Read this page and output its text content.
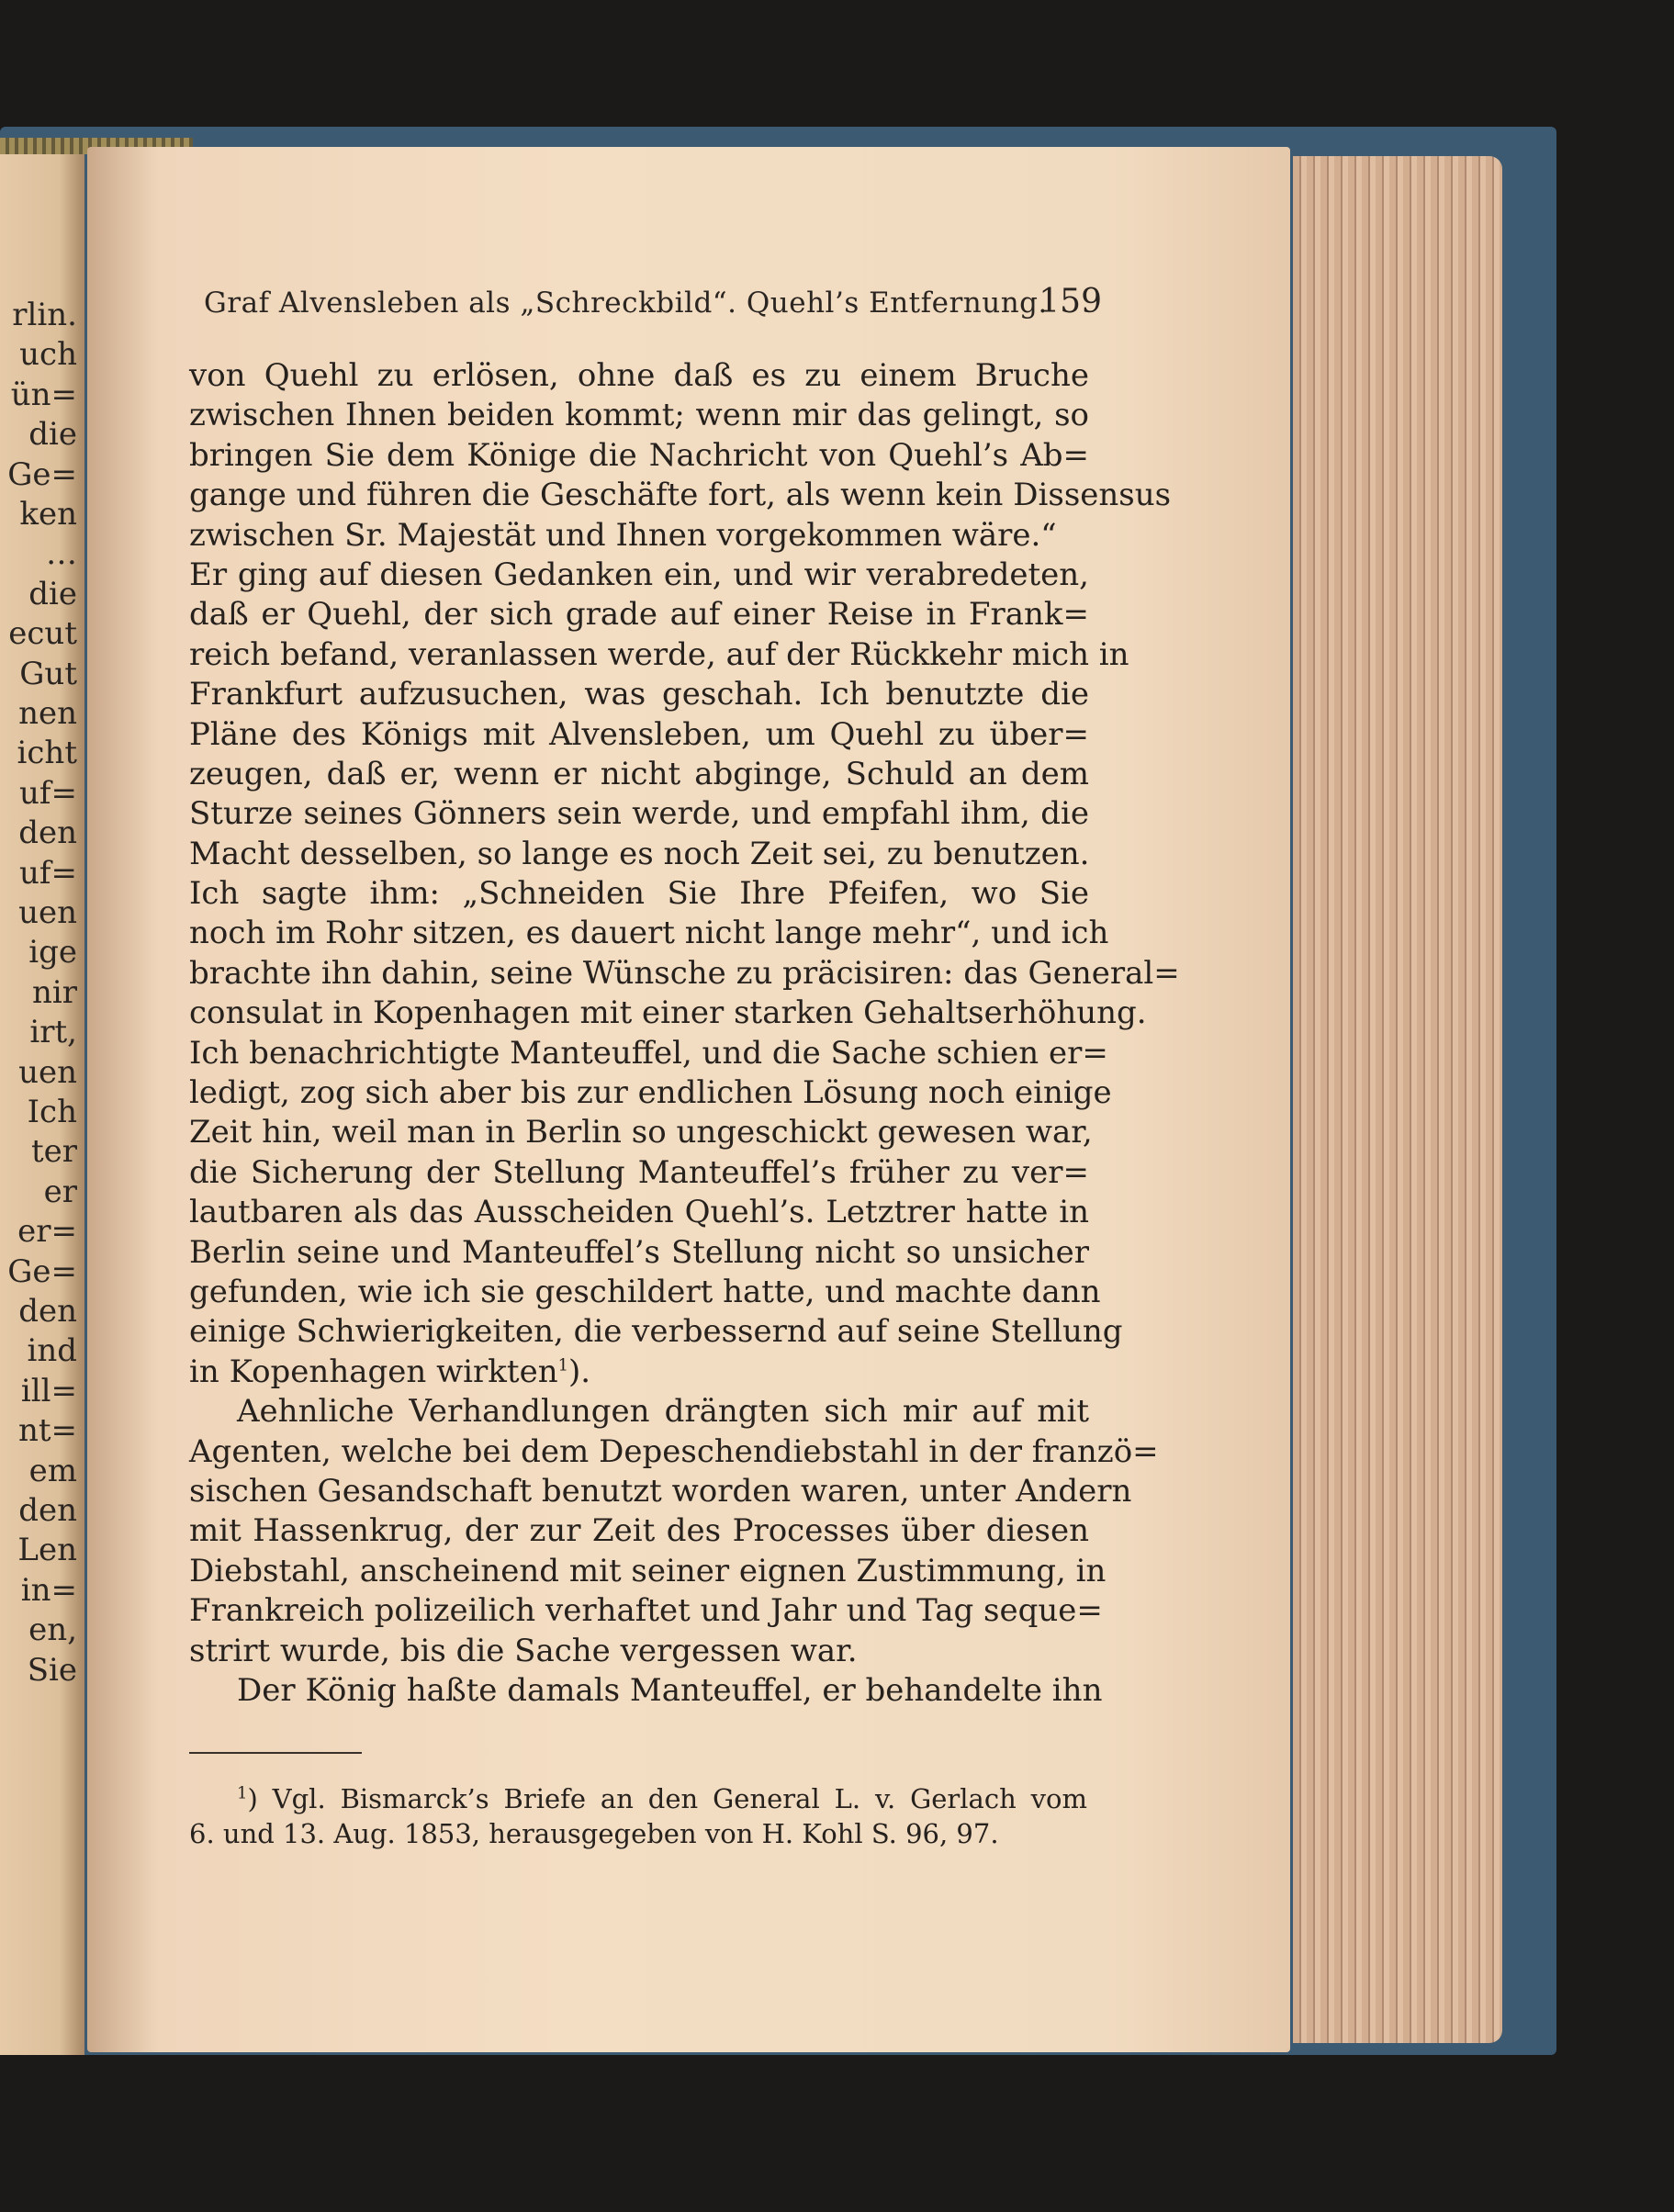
rlin.
uch
ün=
die
Ge=
ken
…
die
ecut
Gut
nen
icht
uf=
den
uf=
uen
ige
nir
irt,
uen
Ich
ter
er
er=
Ge=
den
ind
ill=
nt=
em
den
Len
in=
en,
Sie
Graf Alvensleben als „Schreckbild“. Quehl’s Entfernung.
159
von Quehl zu erlösen, ohne daß es zu einem Bruche
zwischen Ihnen beiden kommt; wenn mir das gelingt, so
bringen Sie dem Könige die Nachricht von Quehl’s Ab=
gange und führen die Geschäfte fort, als wenn kein Dissensus
zwischen Sr. Majestät und Ihnen vorgekommen wäre.“
Er ging auf diesen Gedanken ein, und wir verabredeten,
daß er Quehl, der sich grade auf einer Reise in Frank=
reich befand, veranlassen werde, auf der Rückkehr mich in
Frankfurt aufzusuchen, was geschah. Ich benutzte die
Pläne des Königs mit Alvensleben, um Quehl zu über=
zeugen, daß er, wenn er nicht abginge, Schuld an dem
Sturze seines Gönners sein werde, und empfahl ihm, die
Macht desselben, so lange es noch Zeit sei, zu benutzen.
Ich sagte ihm: „Schneiden Sie Ihre Pfeifen, wo Sie
noch im Rohr sitzen, es dauert nicht lange mehr“, und ich
brachte ihn dahin, seine Wünsche zu präcisiren: das General=
consulat in Kopenhagen mit einer starken Gehaltserhöhung.
Ich benachrichtigte Manteuffel, und die Sache schien er=
ledigt, zog sich aber bis zur endlichen Lösung noch einige
Zeit hin, weil man in Berlin so ungeschickt gewesen war,
die Sicherung der Stellung Manteuffel’s früher zu ver=
lautbaren als das Ausscheiden Quehl’s. Letztrer hatte in
Berlin seine und Manteuffel’s Stellung nicht so unsicher
gefunden, wie ich sie geschildert hatte, und machte dann
einige Schwierigkeiten, die verbessernd auf seine Stellung
in Kopenhagen wirkten$^1$).
Aehnliche Verhandlungen drängten sich mir auf mit
Agenten, welche bei dem Depeschendiebstahl in der franzö=
sischen Gesandschaft benutzt worden waren, unter Andern
mit Hassenkrug, der zur Zeit des Processes über diesen
Diebstahl, anscheinend mit seiner eignen Zustimmung, in
Frankreich polizeilich verhaftet und Jahr und Tag seque=
strirt wurde, bis die Sache vergessen war.
Der König haßte damals Manteuffel, er behandelte ihn
$^1$) Vgl. Bismarck’s Briefe an den General L. v. Gerlach vom
6. und 13. Aug. 1853, herausgegeben von H. Kohl S. 96, 97.
